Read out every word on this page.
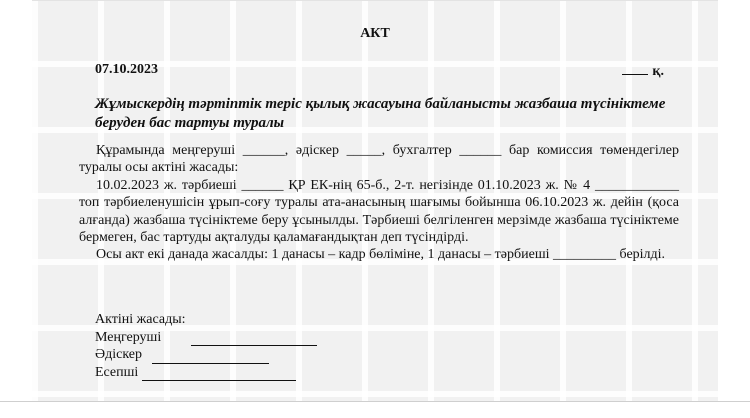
АКТ
07.10.2023	қ.
Жұмыскердің тәртіптік теріс қылық жасауына байланысты жазбаша түсініктеме беруден бас тартуы туралы

Құрамында меңгеруші ______, әдіскер _____, бухгалтер ______ бар комиссия төмендегілер туралы осы актіні жасады:

10.02.2023 ж. тәрбиеші ______ ҚР ЕК-нің 65-б., 2-т. негізінде 01.10.2023 ж. № 4 ____________ топ тәрбиеленушісін ұрып-соғу туралы ата-анасының шағымы бойынша 06.10.2023 ж. дейін (қоса алғанда) жазбаша түсініктеме беру ұсынылды. Тәрбиеші белгіленген мерзімде жазбаша түсініктеме бермеген, бас тартуды ақталуды қаламағандықтан деп түсіндірді.

Осы акт екі данада жасалды: 1 данасы – кадр бөліміне, 1 данасы – тәрбиеші _________ берілді.

Актіні жасады:
Меңгеруші
Әдіскер
Есепші
